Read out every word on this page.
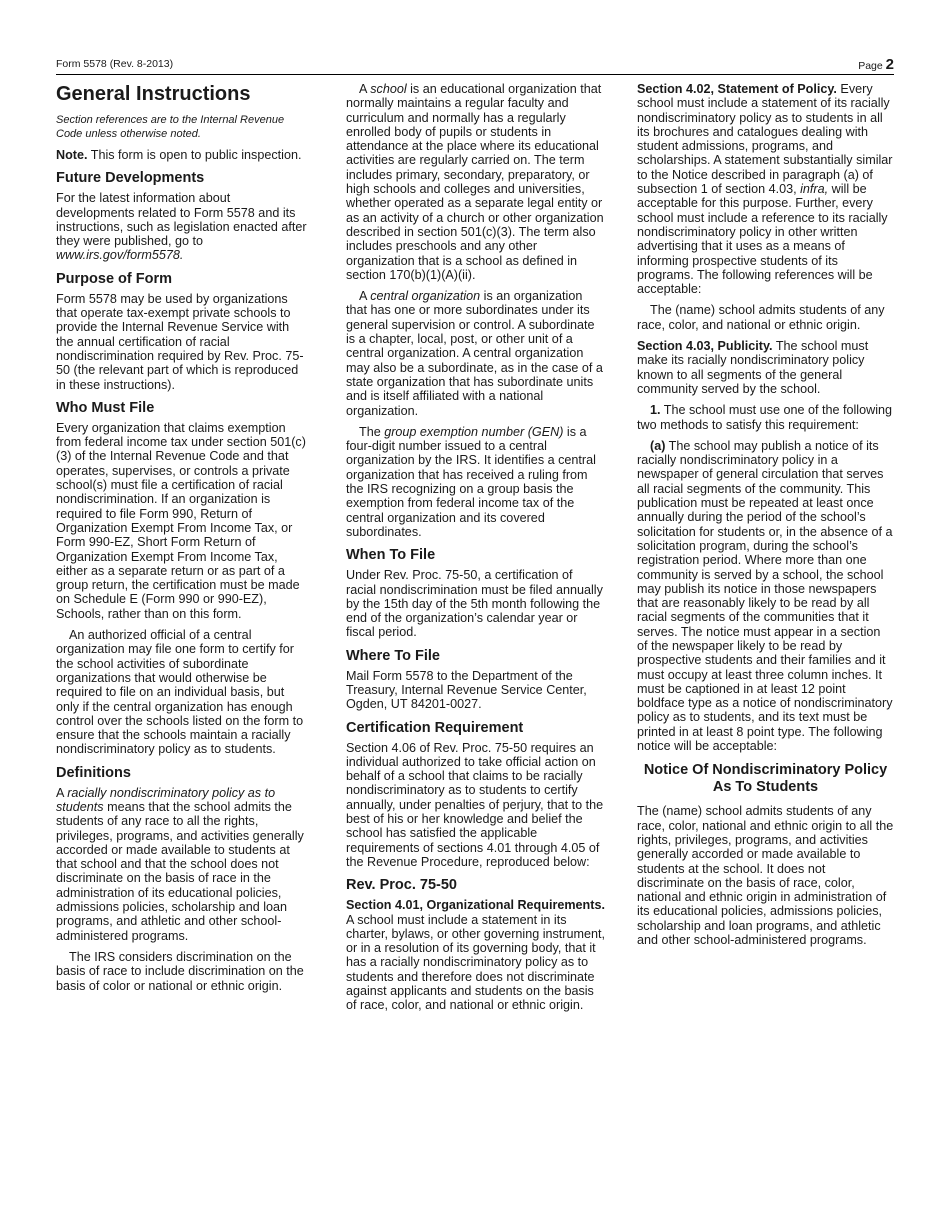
Form 5578 (Rev. 8-2013)	Page 2
General Instructions

Section references are to the Internal Revenue Code unless otherwise noted.

Note. This form is open to public inspection.

Future Developments

For the latest information about developments related to Form 5578 and its instructions, such as legislation enacted after they were published, go to www.irs.gov/form5578.

Purpose of Form

Form 5578 may be used by organizations that operate tax-exempt private schools to provide the Internal Revenue Service with the annual certification of racial nondiscrimination required by Rev. Proc. 75-50 (the relevant part of which is reproduced in these instructions).

Who Must File

Every organization that claims exemption from federal income tax under section 501(c)(3) of the Internal Revenue Code and that operates, supervises, or controls a private school(s) must file a certification of racial nondiscrimination. If an organization is required to file Form 990, Return of Organization Exempt From Income Tax, or Form 990-EZ, Short Form Return of Organization Exempt From Income Tax, either as a separate return or as part of a group return, the certification must be made on Schedule E (Form 990 or 990-EZ), Schools, rather than on this form.

An authorized official of a central organization may file one form to certify for the school activities of subordinate organizations that would otherwise be required to file on an individual basis, but only if the central organization has enough control over the schools listed on the form to ensure that the schools maintain a racially nondiscriminatory policy as to students.

Definitions

A racially nondiscriminatory policy as to students means that the school admits the students of any race to all the rights, privileges, programs, and activities generally accorded or made available to students at that school and that the school does not discriminate on the basis of race in the administration of its educational policies, admissions policies, scholarship and loan programs, and athletic and other school-administered programs.

The IRS considers discrimination on the basis of race to include discrimination on the basis of color or national or ethnic origin.

A school is an educational organization that normally maintains a regular faculty and curriculum and normally has a regularly enrolled body of pupils or students in attendance at the place where its educational activities are regularly carried on. The term includes primary, secondary, preparatory, or high schools and colleges and universities, whether operated as a separate legal entity or as an activity of a church or other organization described in section 501(c)(3). The term also includes preschools and any other organization that is a school as defined in section 170(b)(1)(A)(ii).

A central organization is an organization that has one or more subordinates under its general supervision or control. A subordinate is a chapter, local, post, or other unit of a central organization. A central organization may also be a subordinate, as in the case of a state organization that has subordinate units and is itself affiliated with a national organization.

The group exemption number (GEN) is a four-digit number issued to a central organization by the IRS. It identifies a central organization that has received a ruling from the IRS recognizing on a group basis the exemption from federal income tax of the central organization and its covered subordinates.

When To File

Under Rev. Proc. 75-50, a certification of racial nondiscrimination must be filed annually by the 15th day of the 5th month following the end of the organization’s calendar year or fiscal period.

Where To File

Mail Form 5578 to the Department of the Treasury, Internal Revenue Service Center, Ogden, UT 84201-0027.

Certification Requirement

Section 4.06 of Rev. Proc. 75-50 requires an individual authorized to take official action on behalf of a school that claims to be racially nondiscriminatory as to students to certify annually, under penalties of perjury, that to the best of his or her knowledge and belief the school has satisfied the applicable requirements of sections 4.01 through 4.05 of the Revenue Procedure, reproduced below:

Rev. Proc. 75-50

Section 4.01, Organizational Requirements. A school must include a statement in its charter, bylaws, or other governing instrument, or in a resolution of its governing body, that it has a racially nondiscriminatory policy as to students and therefore does not discriminate against applicants and students on the basis of race, color, and national or ethnic origin.

Section 4.02, Statement of Policy. Every school must include a statement of its racially nondiscriminatory policy as to students in all its brochures and catalogues dealing with student admissions, programs, and scholarships. A statement substantially similar to the Notice described in paragraph (a) of subsection 1 of section 4.03, infra, will be acceptable for this purpose. Further, every school must include a reference to its racially nondiscriminatory policy in other written advertising that it uses as a means of informing prospective students of its programs. The following references will be acceptable:

The (name) school admits students of any race, color, and national or ethnic origin.

Section 4.03, Publicity. The school must make its racially nondiscriminatory policy known to all segments of the general community served by the school.

1. The school must use one of the following two methods to satisfy this requirement:

(a) The school may publish a notice of its racially nondiscriminatory policy in a newspaper of general circulation that serves all racial segments of the community. This publication must be repeated at least once annually during the period of the school’s solicitation for students or, in the absence of a solicitation program, during the school’s registration period. Where more than one community is served by a school, the school may publish its notice in those newspapers that are reasonably likely to be read by all racial segments of the communities that it serves. The notice must appear in a section of the newspaper likely to be read by prospective students and their families and it must occupy at least three column inches. It must be captioned in at least 12 point boldface type as a notice of nondiscriminatory policy as to students, and its text must be printed in at least 8 point type. The following notice will be acceptable:

Notice Of Nondiscriminatory Policy As To Students

The (name) school admits students of any race, color, national and ethnic origin to all the rights, privileges, programs, and activities generally accorded or made available to students at the school. It does not discriminate on the basis of race, color, national and ethnic origin in administration of its educational policies, admissions policies, scholarship and loan programs, and athletic and other school-administered programs.
